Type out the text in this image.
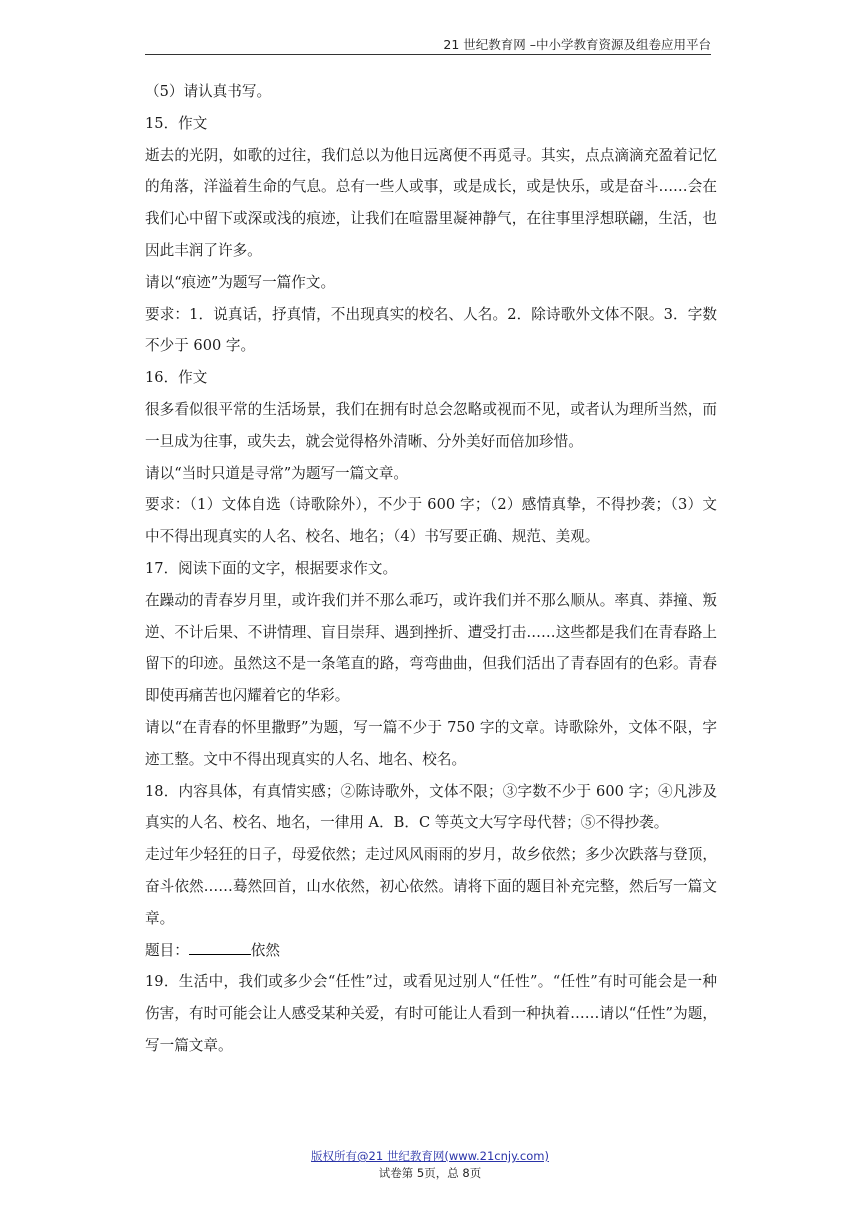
21 世纪教育网 –中小学教育资源及组卷应用平台

（5）请认真书写。

15．作文

逝去的光阴，如歌的过往，我们总以为他日远离便不再觅寻。其实，点点滴滴充盈着记忆的角落，洋溢着生命的气息。总有一些人或事，或是成长，或是快乐，或是奋斗……会在我们心中留下或深或浅的痕迹，让我们在喧嚣里凝神静气，在往事里浮想联翩，生活，也因此丰润了许多。

请以“痕迹”为题写一篇作文。

要求：1．说真话，抒真情，不出现真实的校名、人名。2．除诗歌外文体不限。3．字数不少于 600 字。

16．作文

很多看似很平常的生活场景，我们在拥有时总会忽略或视而不见，或者认为理所当然，而一旦成为往事，或失去，就会觉得格外清晰、分外美好而倍加珍惜。

请以“当时只道是寻常”为题写一篇文章。

要求：（1）文体自选（诗歌除外），不少于 600 字；（2）感情真挚，不得抄袭；（3）文中不得出现真实的人名、校名、地名；（4）书写要正确、规范、美观。

17．阅读下面的文字，根据要求作文。

在躁动的青春岁月里，或许我们并不那么乖巧，或许我们并不那么顺从。率真、莽撞、叛逆、不计后果、不讲情理、盲目崇拜、遇到挫折、遭受打击……这些都是我们在青春路上留下的印迹。虽然这不是一条笔直的路，弯弯曲曲，但我们活出了青春固有的色彩。青春即使再痛苦也闪耀着它的华彩。

请以“在青春的怀里撒野”为题，写一篇不少于 750 字的文章。诗歌除外，文体不限，字迹工整。文中不得出现真实的人名、地名、校名。

18．内容具体，有真情实感；②陈诗歌外，文体不限；③字数不少于 600 字；④凡涉及真实的人名、校名、地名，一律用 A．B．C 等英文大写字母代替；⑤不得抄袭。

走过年少轻狂的日子，母爱依然；走过风风雨雨的岁月，故乡依然；多少次跌落与登顶，奋斗依然……蓦然回首，山水依然，初心依然。请将下面的题目补充完整，然后写一篇文章。

题目：	依然

19．生活中，我们或多少会“任性”过，或看见过别人“任性”。“任性”有时可能会是一种伤害，有时可能会让人感受某种关爱，有时可能让人看到一种执着……请以“任性”为题，写一篇文章。

版权所有@21 世纪教育网(www.21cnjy.com)
试卷第 5页，总 8页
